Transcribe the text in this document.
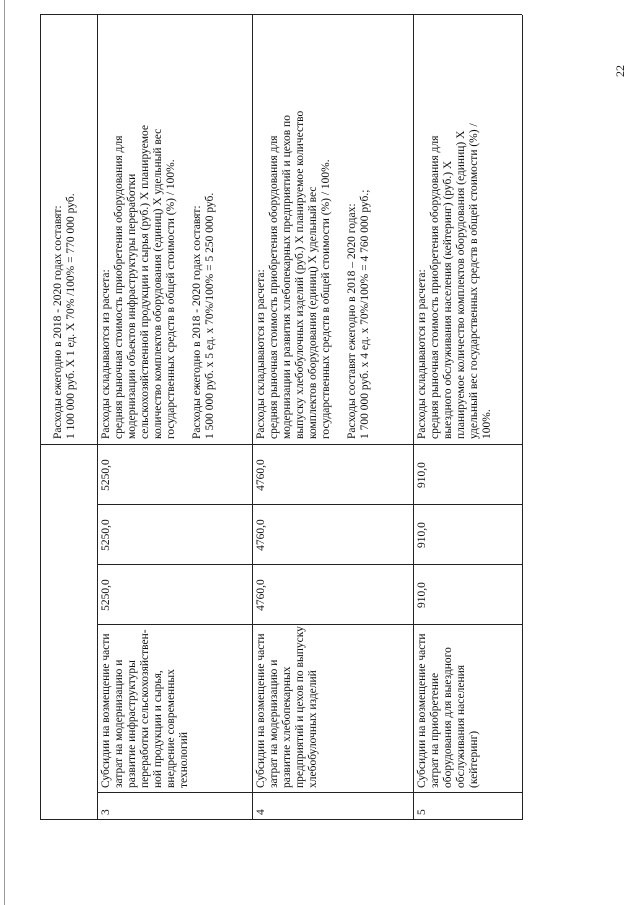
Расходы ежегодно в 2018 - 2020 годах составят: 1 100 000 руб. X 1 ед. X 70% /100% = 770 000 руб.
3
Субсидии на возмещение части затрат на модернизацию и развитие инфраструктуры переработки сельскохозяйствен- ной продукции и сырья, внедрение современных технологий
5250,0
5250,0
5250,0
Расходы складываются из расчета: средняя рыночная стоимость приобретения оборудования для модернизации объектов инфраструктуры переработки сельскохозяйственной продукции и сырья (руб.) X планируемое количество комплектов оборудования (единиц) X удельный вес государственных средств в общей стоимости (%) / 100%. Расходы ежегодно в 2018 - 2020 годах составят: 1 500 000 руб. х 5 ед. х 70%/100% = 5 250 000 руб.
4
Субсидии на возмещение части затрат на модернизацию и развитие хлебопекарных предприятий и цехов по выпуску хлебобулочных изделий
4760,0
4760,0
4760,0
Расходы складываются из расчета: средняя рыночная стоимость приобретения оборудования для модернизации и развития хлебопекарных предприятий и цехов по выпуску хлебобулочных изделий (руб.) X планируемое количество комплектов оборудования (единиц) X удельный вес государственных средств в общей стоимости (%) / 100%. Расходы составят ежегодно в 2018 – 2020 годах: 1 700 000 руб. х 4 ед. х 70%/100% = 4 760 000 руб.;
5
Субсидии на возмещение части затрат на приобретение оборудования для выездного обслуживания населения (кейтеринг)
910,0
910,0
910,0
Расходы складываются из расчета: средняя рыночная стоимость приобретения оборудования для выездного обслуживания населения (кейтеринг) (руб.) X планируемое количество комплектов оборудования (единиц) X удельный вес государственных средств в общей стоимости (%) / 100%.
22
